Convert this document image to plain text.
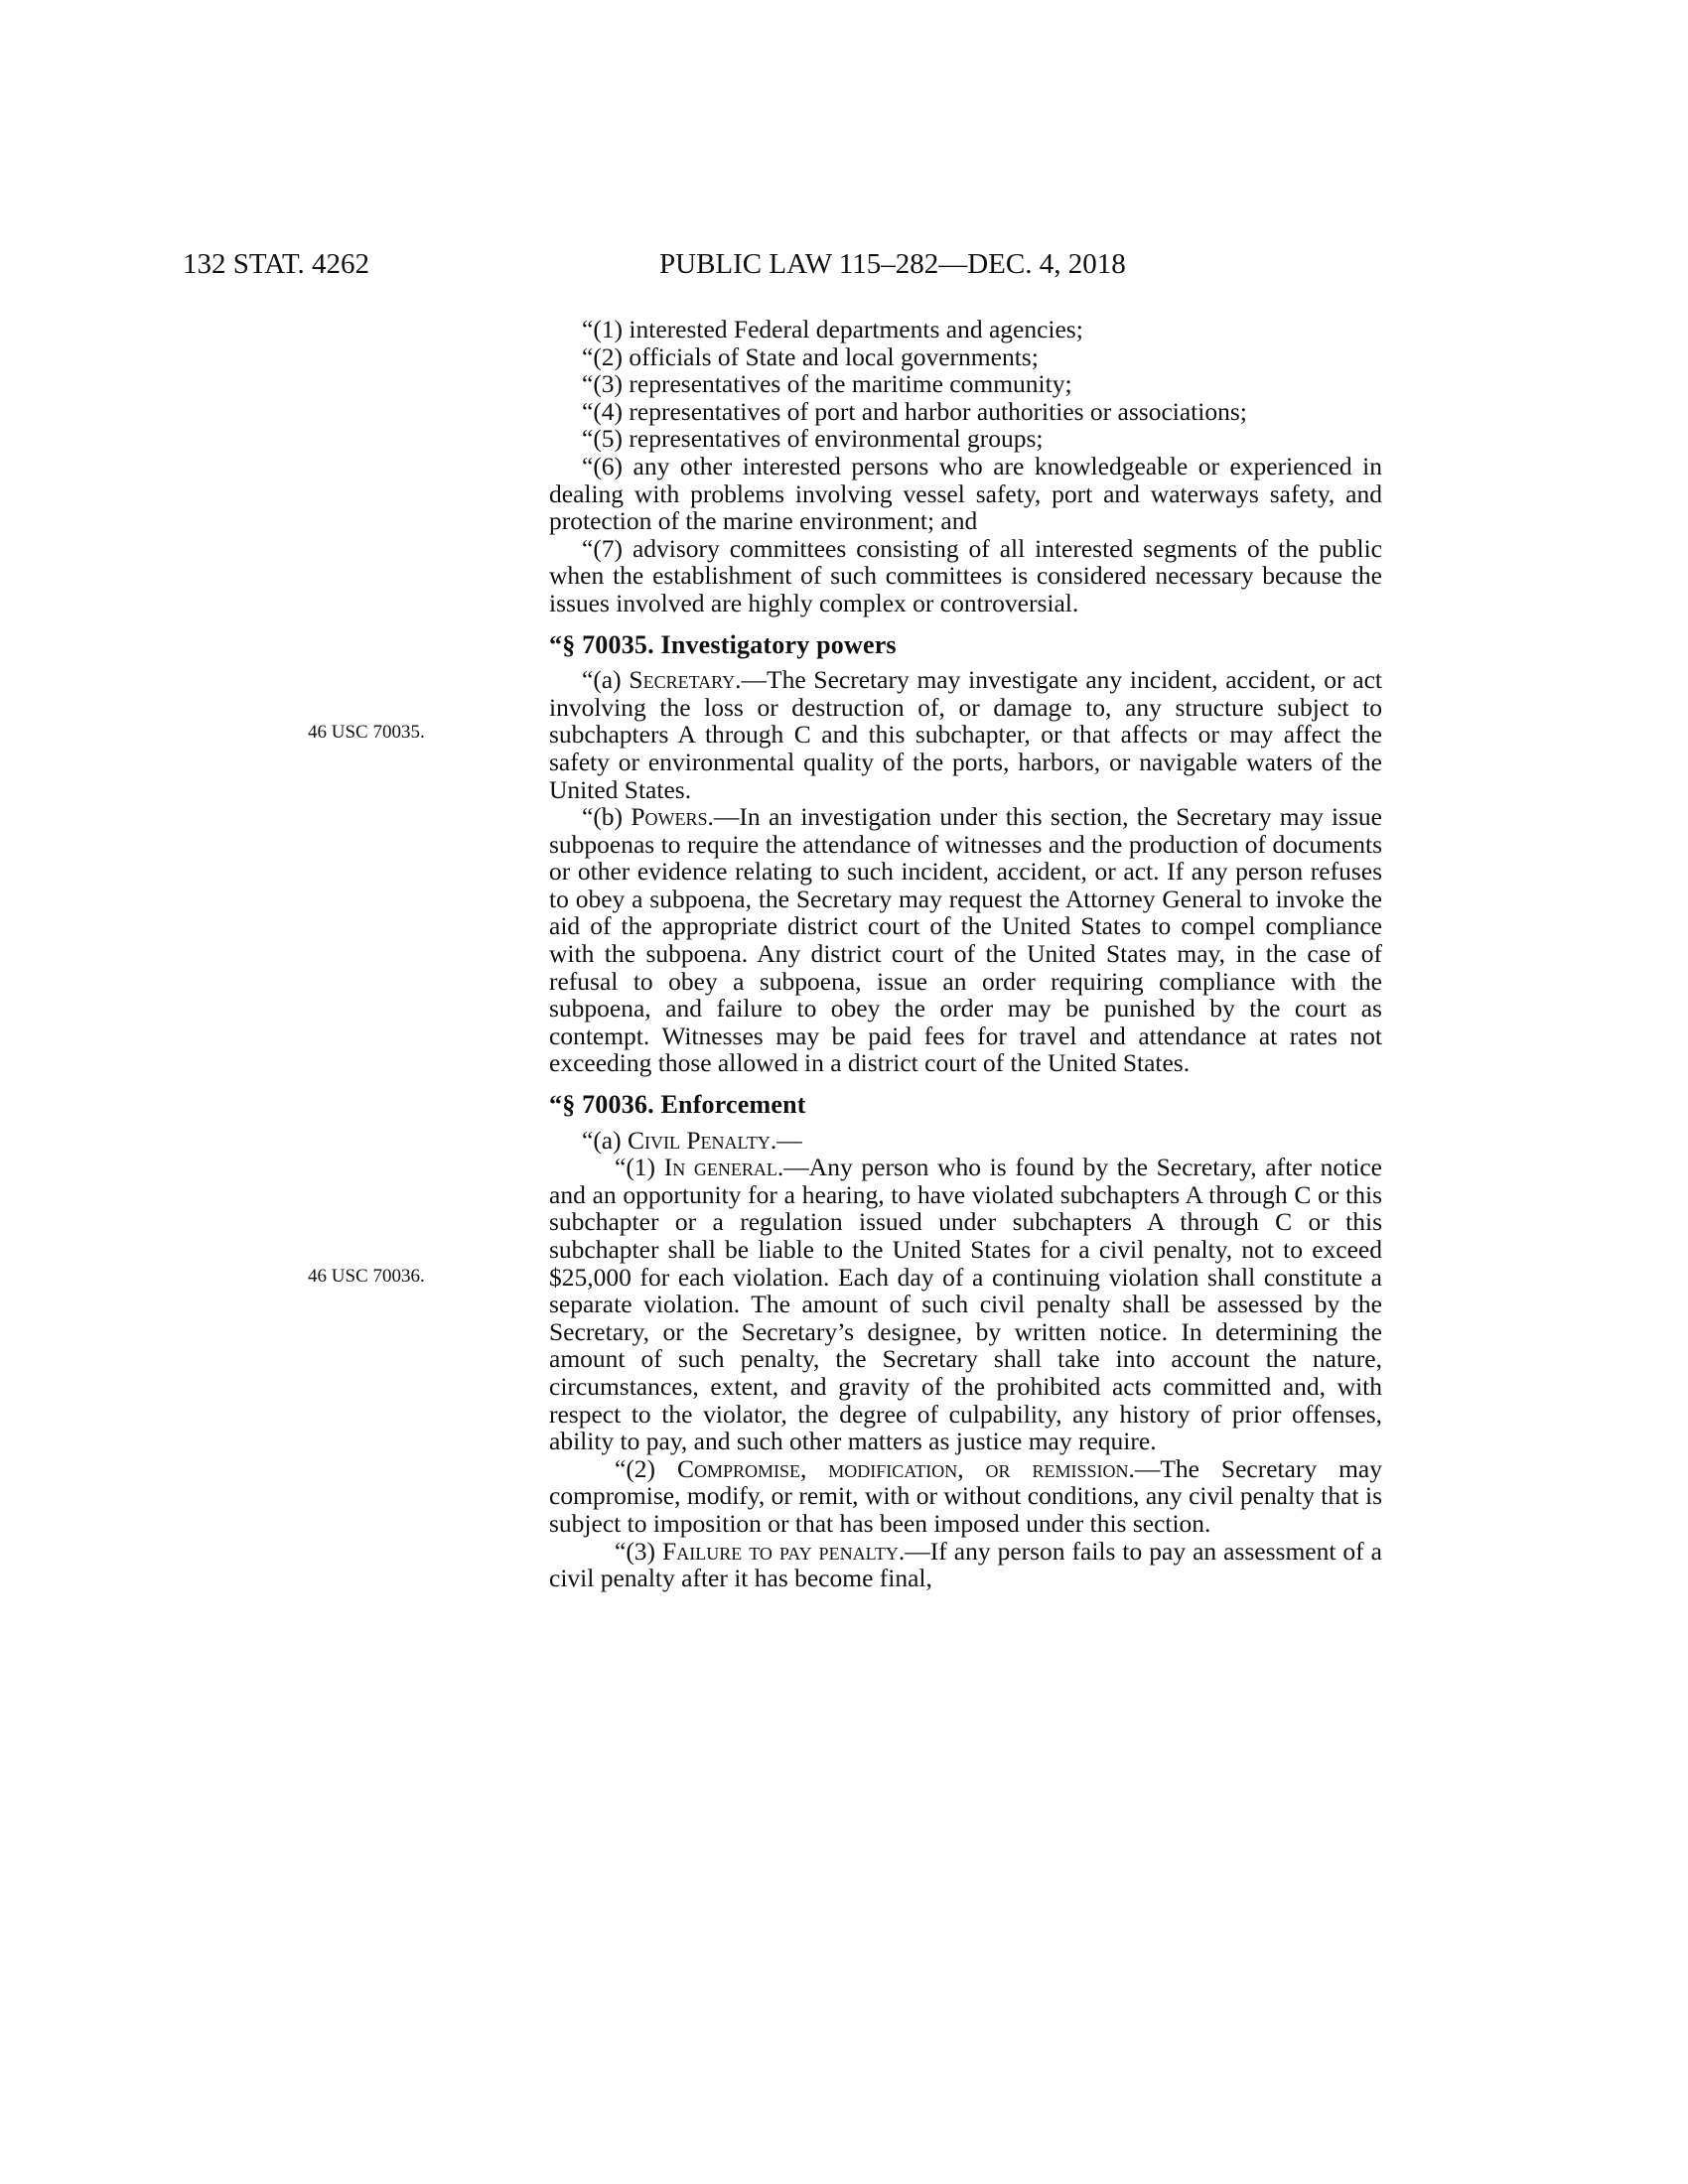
132 STAT. 4262	PUBLIC LAW 115–282—DEC. 4, 2018
46 USC 70035.
46 USC 70036.

“(1) interested Federal departments and agencies;

“(2) officials of State and local governments;

“(3) representatives of the maritime community;

“(4) representatives of port and harbor authorities or associations;

“(5) representatives of environmental groups;

“(6) any other interested persons who are knowledgeable or experienced in dealing with problems involving vessel safety, port and waterways safety, and protection of the marine environment; and

“(7) advisory committees consisting of all interested segments of the public when the establishment of such committees is considered necessary because the issues involved are highly complex or controversial.

“§ 70035. Investigatory powers

“(a) Secretary.—The Secretary may investigate any incident, accident, or act involving the loss or destruction of, or damage to, any structure subject to subchapters A through C and this subchapter, or that affects or may affect the safety or environmental quality of the ports, harbors, or navigable waters of the United States.

“(b) Powers.—In an investigation under this section, the Secretary may issue subpoenas to require the attendance of witnesses and the production of documents or other evidence relating to such incident, accident, or act. If any person refuses to obey a subpoena, the Secretary may request the Attorney General to invoke the aid of the appropriate district court of the United States to compel compliance with the subpoena. Any district court of the United States may, in the case of refusal to obey a subpoena, issue an order requiring compliance with the subpoena, and failure to obey the order may be punished by the court as contempt. Witnesses may be paid fees for travel and attendance at rates not exceeding those allowed in a district court of the United States.

“§ 70036. Enforcement

“(a) Civil Penalty.—

“(1) In general.—Any person who is found by the Secretary, after notice and an opportunity for a hearing, to have violated subchapters A through C or this subchapter or a regulation issued under subchapters A through C or this subchapter shall be liable to the United States for a civil penalty, not to exceed $25,000 for each violation. Each day of a continuing violation shall constitute a separate violation. The amount of such civil penalty shall be assessed by the Secretary, or the Secretary’s designee, by written notice. In determining the amount of such penalty, the Secretary shall take into account the nature, circumstances, extent, and gravity of the prohibited acts committed and, with respect to the violator, the degree of culpability, any history of prior offenses, ability to pay, and such other matters as justice may require.

“(2) Compromise, modification, or remission.—The Secretary may compromise, modify, or remit, with or without conditions, any civil penalty that is subject to imposition or that has been imposed under this section.

“(3) Failure to pay penalty.—If any person fails to pay an assessment of a civil penalty after it has become final,
